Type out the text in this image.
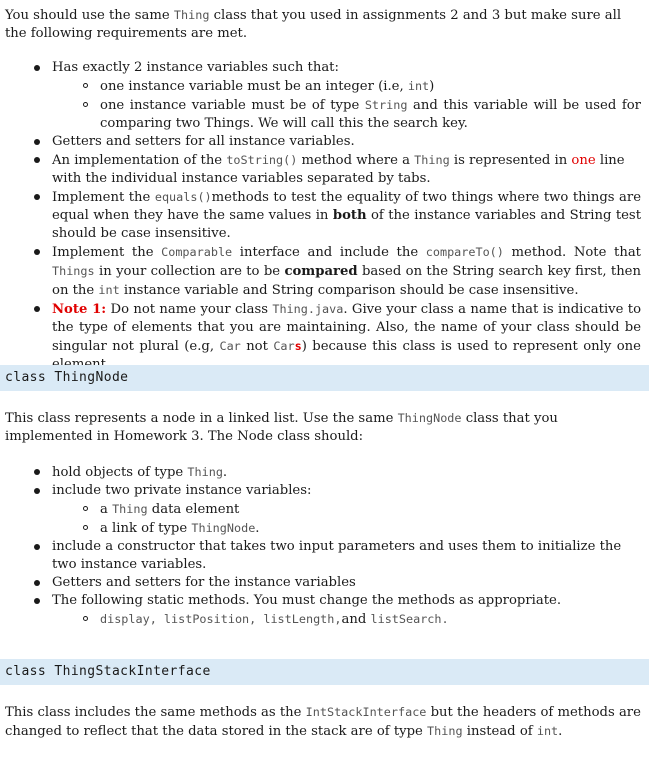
You should use the same Thing class that you used in assignments 2 and 3 but make sure all the following requirements are met.

Has exactly 2 instance variables such that:
one instance variable must be an integer (i.e, int)
one instance variable must be of type String and this variable will be used for comparing two Things. We will call this the search key.
Getters and setters for all instance variables.
An implementation of the toString() method where a Thing is represented in one line with the individual instance variables separated by tabs.
Implement the equals()methods to test the equality of two things where two things are equal when they have the same values in both of the instance variables and String test should be case insensitive.
Implement the Comparable interface and include the compareTo() method. Note that Things in your collection are to be compared based on the String search key first, then on the int instance variable and String comparison should be case insensitive.
Note 1: Do not name your class Thing.java. Give your class a name that is indicative to the type of elements that you are maintaining. Also, the name of your class should be singular not plural (e.g, Car not Cars) because this class is used to represent only one
class ThingNode

This class represents a node in a linked list. Use the same ThingNode class that you implemented in Homework 3. The Node class should:

hold objects of type Thing.
include two private instance variables:
a Thing data element
a link of type ThingNode.
include a constructor that takes two input parameters and uses them to initialize the two instance variables.
Getters and setters for the instance variables
The following static methods. You must change the methods as appropriate.
display, listPosition, listLength,and listSearch.
class ThingStackInterface

This class includes the same methods as the IntStackInterface but the headers of methods are changed to reflect that the data stored in the stack are of type Thing instead of int.
